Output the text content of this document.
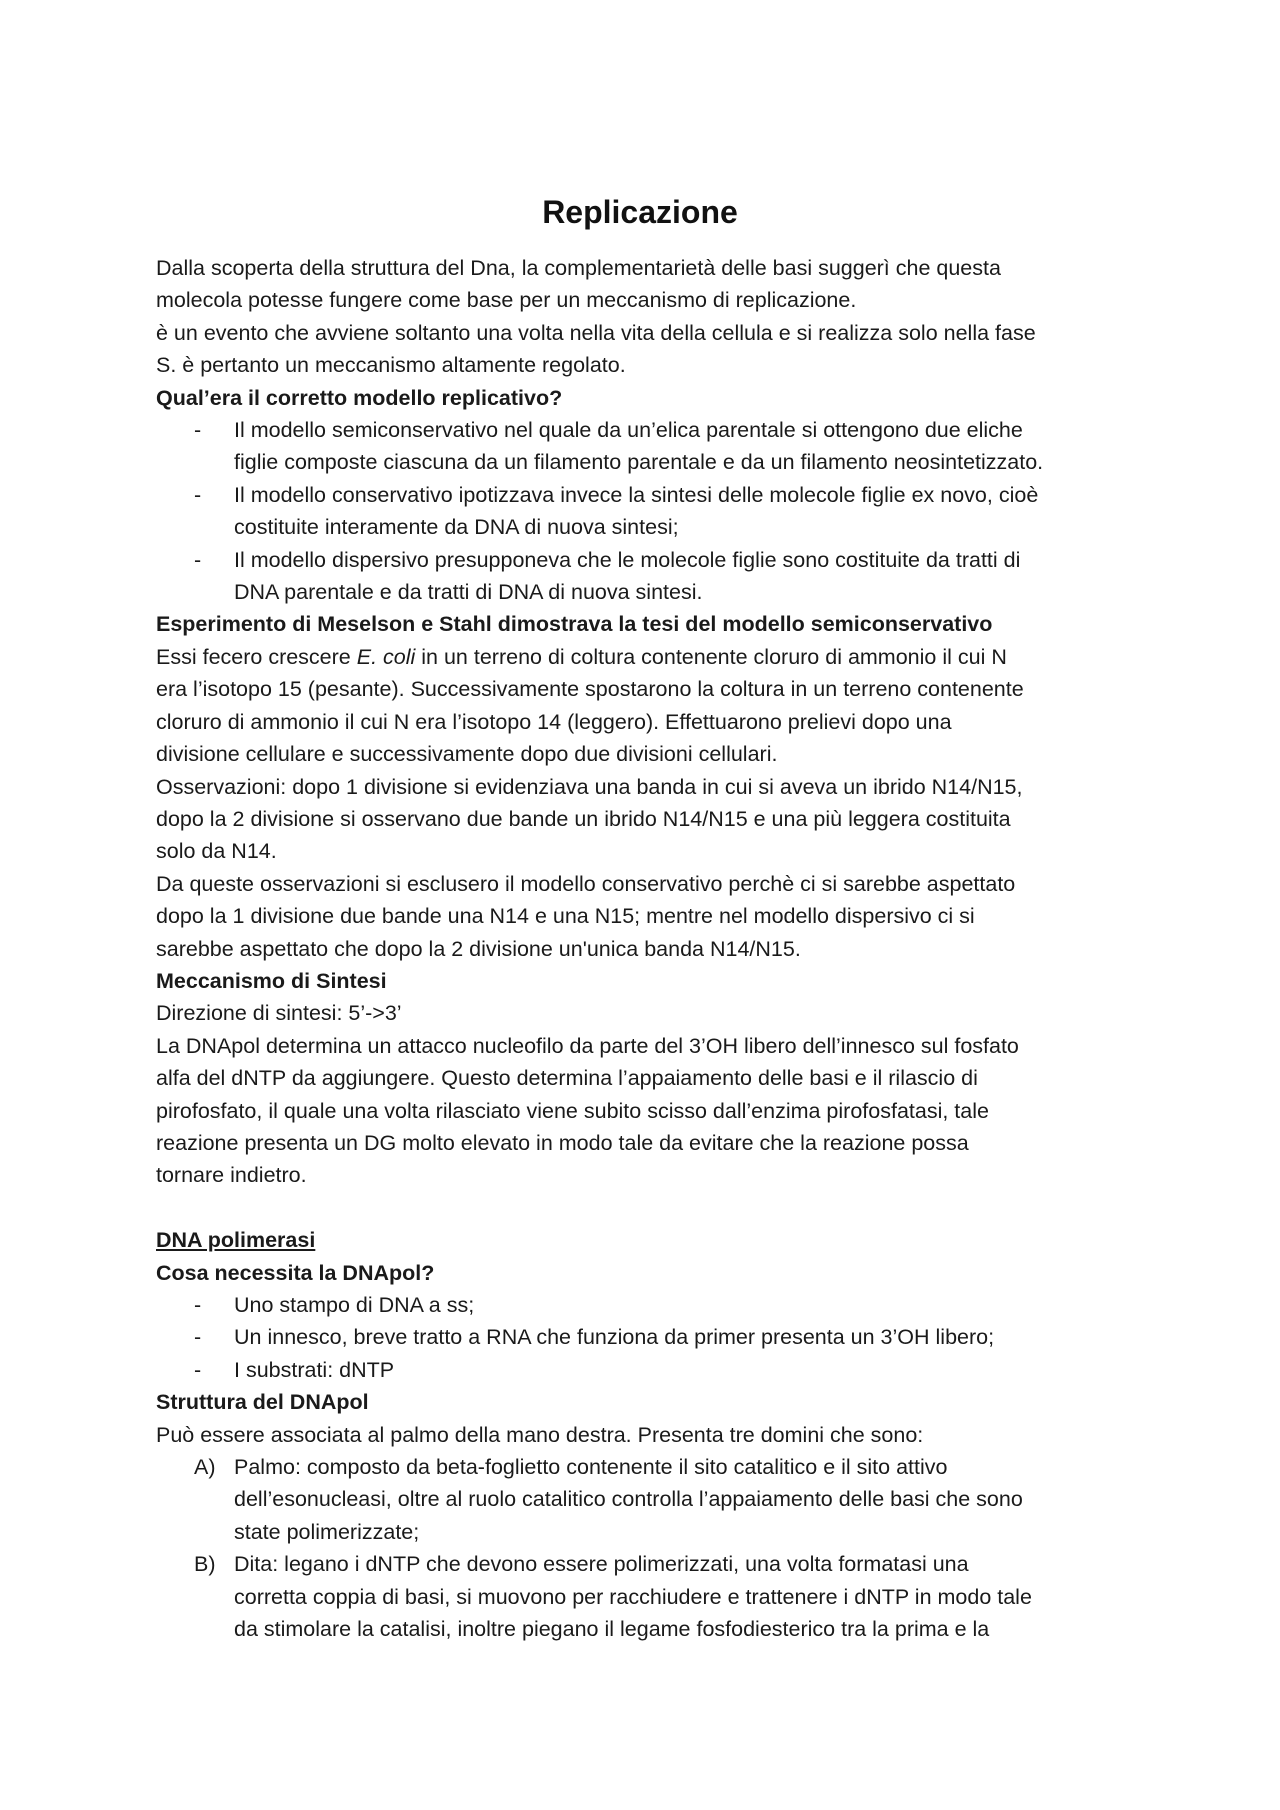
Replicazione
Dalla scoperta della struttura del Dna, la complementarietà delle basi suggerì che questa
molecola potesse fungere come base per un meccanismo di replicazione.
è un evento che avviene soltanto una volta nella vita della cellula e si realizza solo nella fase
S. è pertanto un meccanismo altamente regolato.
Qual’era il corretto modello replicativo?
- Il modello semiconservativo nel quale da un’elica parentale si ottengono due eliche
figlie composte ciascuna da un filamento parentale e da un filamento neosintetizzato.
- Il modello conservativo ipotizzava invece la sintesi delle molecole figlie ex novo, cioè
costituite interamente da DNA di nuova sintesi;
- Il modello dispersivo presupponeva che le molecole figlie sono costituite da tratti di
DNA parentale e da tratti di DNA di nuova sintesi.
Esperimento di Meselson e Stahl dimostrava la tesi del modello semiconservativo
Essi fecero crescere E. coli in un terreno di coltura contenente cloruro di ammonio il cui N
era l’isotopo 15 (pesante). Successivamente spostarono la coltura in un terreno contenente
cloruro di ammonio il cui N era l’isotopo 14 (leggero). Effettuarono prelievi dopo una
divisione cellulare e successivamente dopo due divisioni cellulari.
Osservazioni: dopo 1 divisione si evidenziava una banda in cui si aveva un ibrido N14/N15,
dopo la 2 divisione si osservano due bande un ibrido N14/N15 e una più leggera costituita
solo da N14.
Da queste osservazioni si esclusero il modello conservativo perchè ci si sarebbe aspettato
dopo la 1 divisione due bande una N14 e una N15; mentre nel modello dispersivo ci si
sarebbe aspettato che dopo la 2 divisione un'unica banda N14/N15.
Meccanismo di Sintesi
Direzione di sintesi: 5’->3’
La DNApol determina un attacco nucleofilo da parte del 3’OH libero dell’innesco sul fosfato
alfa del dNTP da aggiungere. Questo determina l’appaiamento delle basi e il rilascio di
pirofosfato, il quale una volta rilasciato viene subito scisso dall’enzima pirofosfatasi, tale
reazione presenta un DG molto elevato in modo tale da evitare che la reazione possa
tornare indietro.
DNA polimerasi
Cosa necessita la DNApol?
- Uno stampo di DNA a ss;
- Un innesco, breve tratto a RNA che funziona da primer presenta un 3’OH libero;
- I substrati: dNTP
Struttura del DNApol
Può essere associata al palmo della mano destra. Presenta tre domini che sono:
A) Palmo: composto da beta-foglietto contenente il sito catalitico e il sito attivo
dell’esonucleasi, oltre al ruolo catalitico controlla l’appaiamento delle basi che sono
state polimerizzate;
B) Dita: legano i dNTP che devono essere polimerizzati, una volta formatasi una
corretta coppia di basi, si muovono per racchiudere e trattenere i dNTP in modo tale
da stimolare la catalisi, inoltre piegano il legame fosfodiesterico tra la prima e la
